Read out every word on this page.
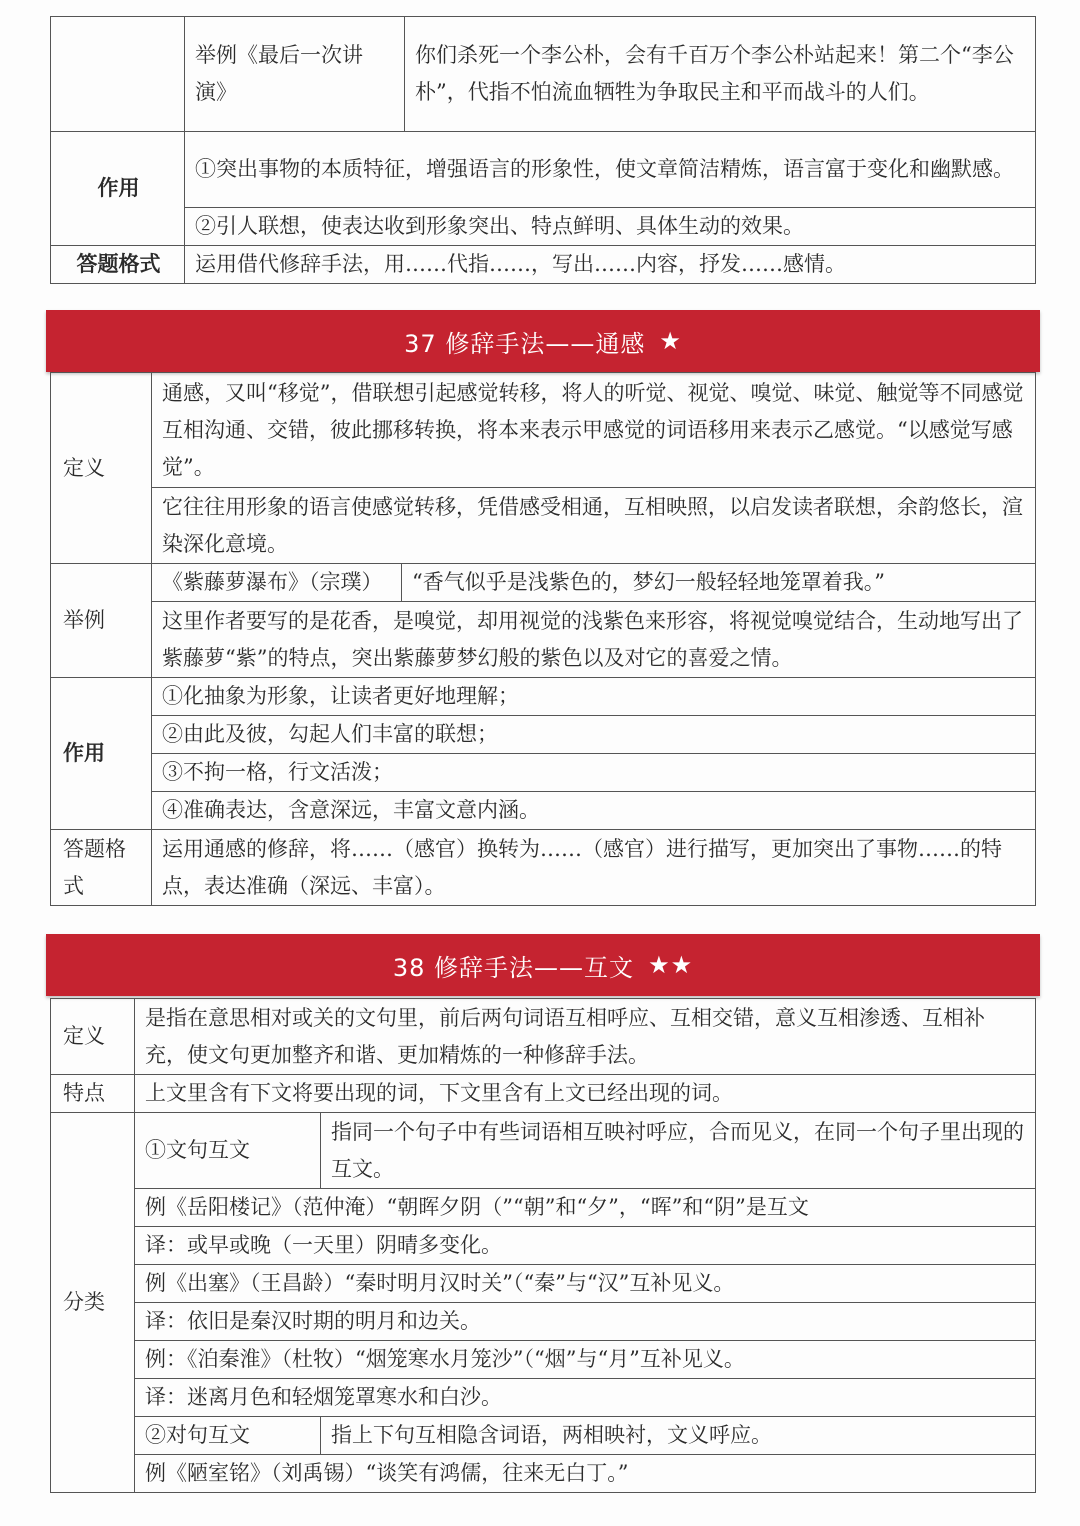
	举例《最后一次讲演》	你们杀死一个李公朴，会有千百万个李公朴站起来！第二个“李公朴”，代指不怕流血牺牲为争取民主和平而战斗的人们。
作用	①突出事物的本质特征，增强语言的形象性，使文章简洁精炼，语言富于变化和幽默感。	
	②引人联想，使表达收到形象突出、特点鲜明、具体生动的效果。	
答题格式	运用借代修辞手法，用……代指……，写出……内容，抒发……感情。	
37 修辞手法——通感 ★
定义	通感，又叫“移觉”，借联想引起感觉转移，将人的听觉、视觉、嗅觉、味觉、触觉等不同感觉互相沟通、交错，彼此挪移转换，将本来表示甲感觉的词语移用来表示乙感觉。“以感觉写感觉”。	
	它往往用形象的语言使感觉转移，凭借感受相通，互相映照，以启发读者联想，余韵悠长，渲染深化意境。	
举例	《紫藤萝瀑布》（宗璞）	“香气似乎是浅紫色的，梦幻一般轻轻地笼罩着我。”
	这里作者要写的是花香，是嗅觉，却用视觉的浅紫色来形容，将视觉嗅觉结合，生动地写出了紫藤萝“紫”的特点，突出紫藤萝梦幻般的紫色以及对它的喜爱之情。	
作用	①化抽象为形象，让读者更好地理解；	
	②由此及彼，勾起人们丰富的联想；	
	③不拘一格，行文活泼；	
	④准确表达，含意深远，丰富文意内涵。	
答题格式	运用通感的修辞，将……（感官）换转为……（感官）进行描写，更加突出了事物……的特点，表达准确（深远、丰富）。	
38 修辞手法——互文 ★★
定义	是指在意思相对或关的文句里，前后两句词语互相呼应、互相交错，意义互相渗透、互相补充，使文句更加整齐和谐、更加精炼的一种修辞手法。	
特点	上文里含有下文将要出现的词，下文里含有上文已经出现的词。	
分类	①文句互文	指同一个句子中有些词语相互映衬呼应，合而见义，在同一个句子里出现的互文。
	例《岳阳楼记》（范仲淹）“朝晖夕阴（”“朝”和“夕”，“晖”和“阴”是互文	
	译：或早或晚（一天里）阴晴多变化。	
	例《出塞》（王昌龄）“秦时明月汉时关”（“秦”与“汉”互补见义。	
	译：依旧是秦汉时期的明月和边关。	
	例：《泊秦淮》（杜牧）“烟笼寒水月笼沙”（“烟”与“月”互补见义。	
	译：迷离月色和轻烟笼罩寒水和白沙。	
	②对句互文	指上下句互相隐含词语，两相映衬，文义呼应。
	例《陋室铭》（刘禹锡）“谈笑有鸿儒，往来无白丁。”	
